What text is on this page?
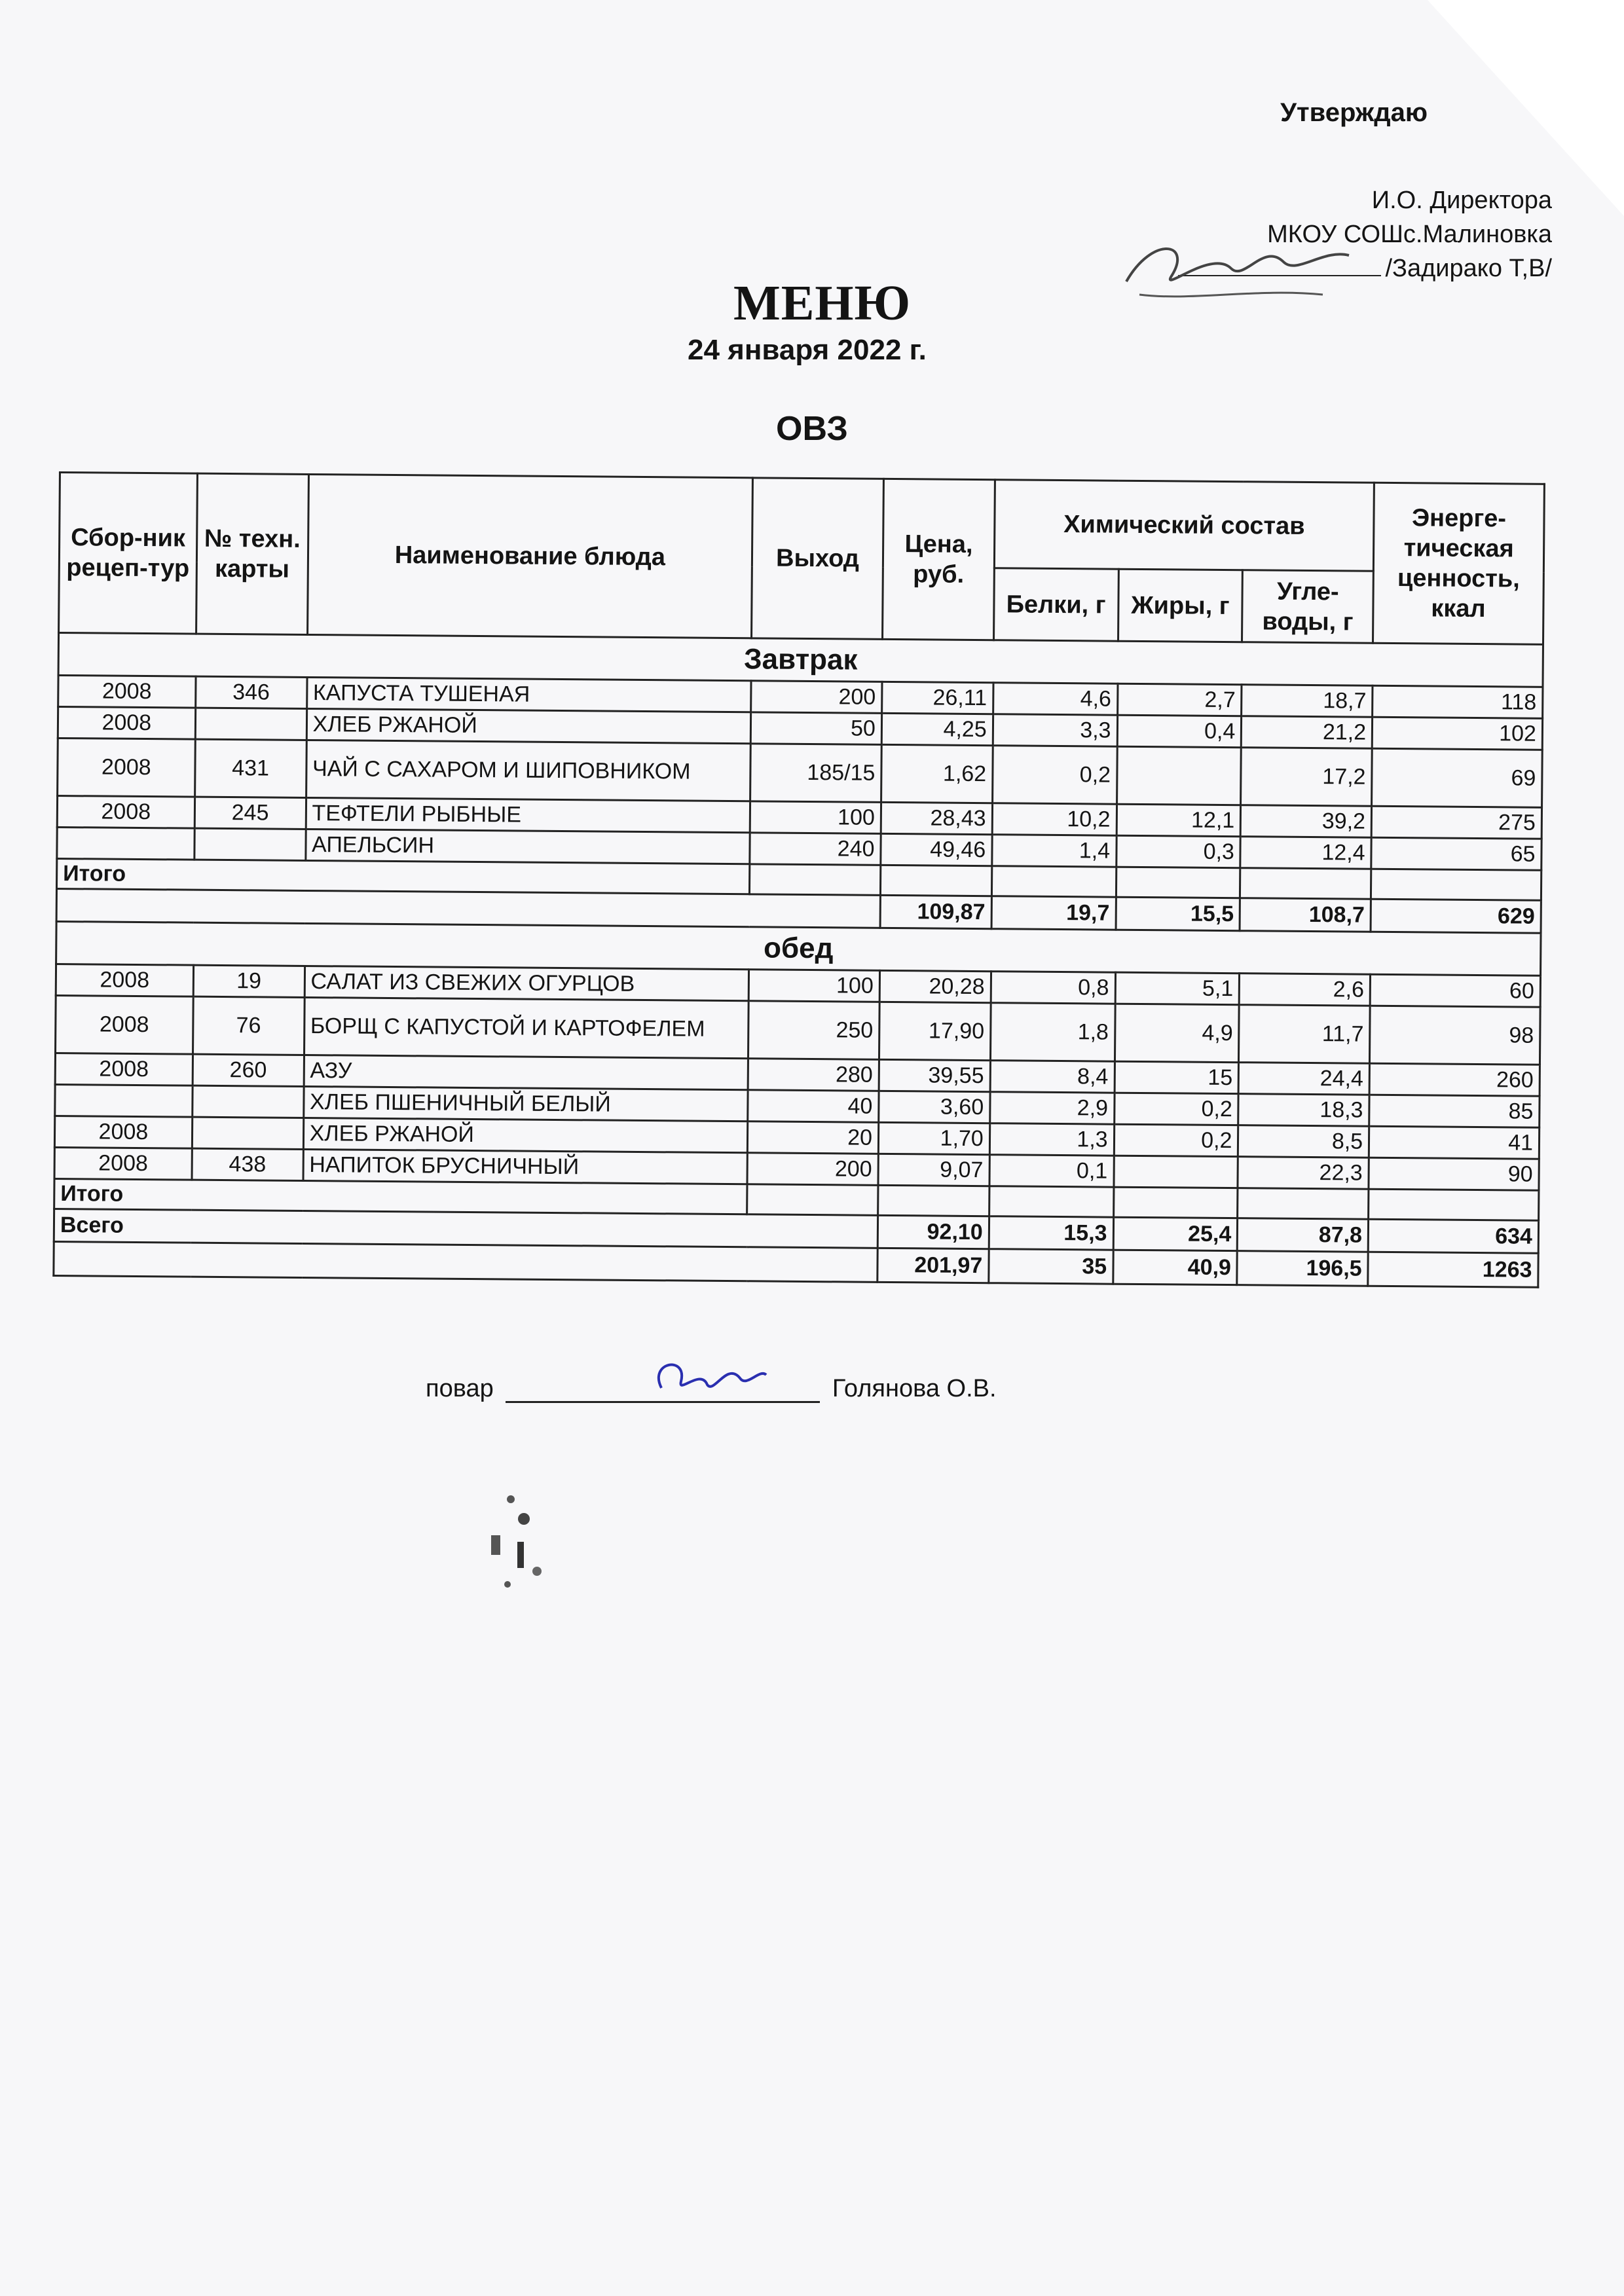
Утверждаю
И.О. Директора
МКОУ СОШс.Малиновка
/Задирако Т,В/
МЕНЮ
24 января 2022 г.
ОВЗ
Сбор-ник рецеп-тур	№ техн. карты	Наименование блюда	Выход	Цена, руб.	Химический состав			Энерге-тическая ценность, ккал
					Белки, г	Жиры, г	Угле-воды, г	
Завтрак								
2008	346	КАПУСТА ТУШЕНАЯ	200	26,11	4,6	2,7	18,7	118
2008		ХЛЕБ РЖАНОЙ	50	4,25	3,3	0,4	21,2	102
2008	431	ЧАЙ С САХАРОМ И ШИПОВНИКОМ	185/15	1,62	0,2		17,2	69
2008	245	ТЕФТЕЛИ РЫБНЫЕ	100	28,43	10,2	12,1	39,2	275
		АПЕЛЬСИН	240	49,46	1,4	0,3	12,4	65
Итого								
				109,87	19,7	15,5	108,7	629
обед								
2008	19	САЛАТ ИЗ СВЕЖИХ ОГУРЦОВ	100	20,28	0,8	5,1	2,6	60
2008	76	БОРЩ С КАПУСТОЙ И КАРТОФЕЛЕМ	250	17,90	1,8	4,9	11,7	98
2008	260	АЗУ	280	39,55	8,4	15	24,4	260
		ХЛЕБ ПШЕНИЧНЫЙ БЕЛЫЙ	40	3,60	2,9	0,2	18,3	85
2008		ХЛЕБ РЖАНОЙ	20	1,70	1,3	0,2	8,5	41
2008	438	НАПИТОК БРУСНИЧНЫЙ	200	9,07	0,1		22,3	90
Итого								
Всего				92,10	15,3	25,4	87,8	634
				201,97	35	40,9	196,5	1263
повар	Голянова О.В.
